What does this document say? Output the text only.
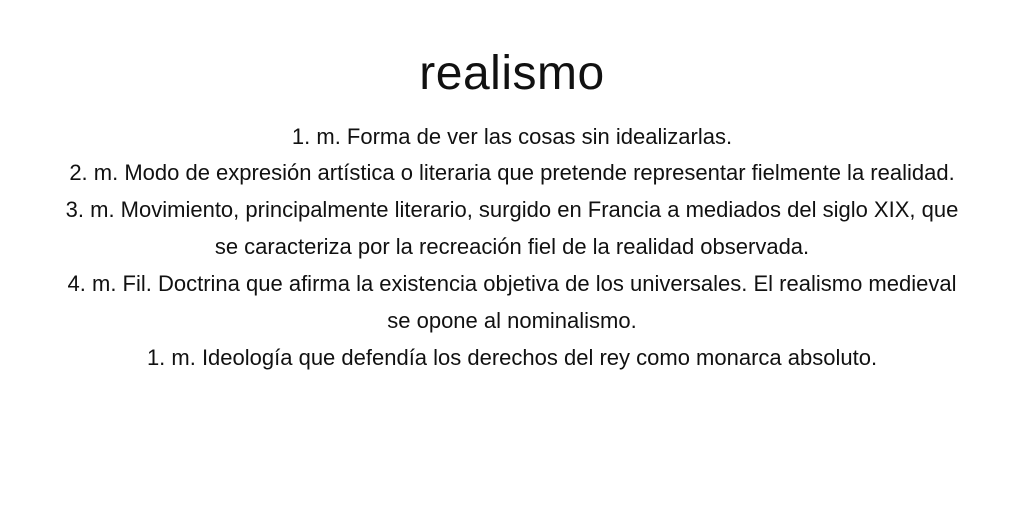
realismo

1. m. Forma de ver las cosas sin idealizarlas.

2. m. Modo de expresión artística o literaria que pretende representar fielmente la realidad.

3. m. Movimiento, principalmente literario, surgido en Francia a mediados del siglo XIX, que se caracteriza por la recreación fiel de la realidad observada.

4. m. Fil. Doctrina que afirma la existencia objetiva de los universales. El realismo medieval se opone al nominalismo.

1. m. Ideología que defendía los derechos del rey como monarca absoluto.
